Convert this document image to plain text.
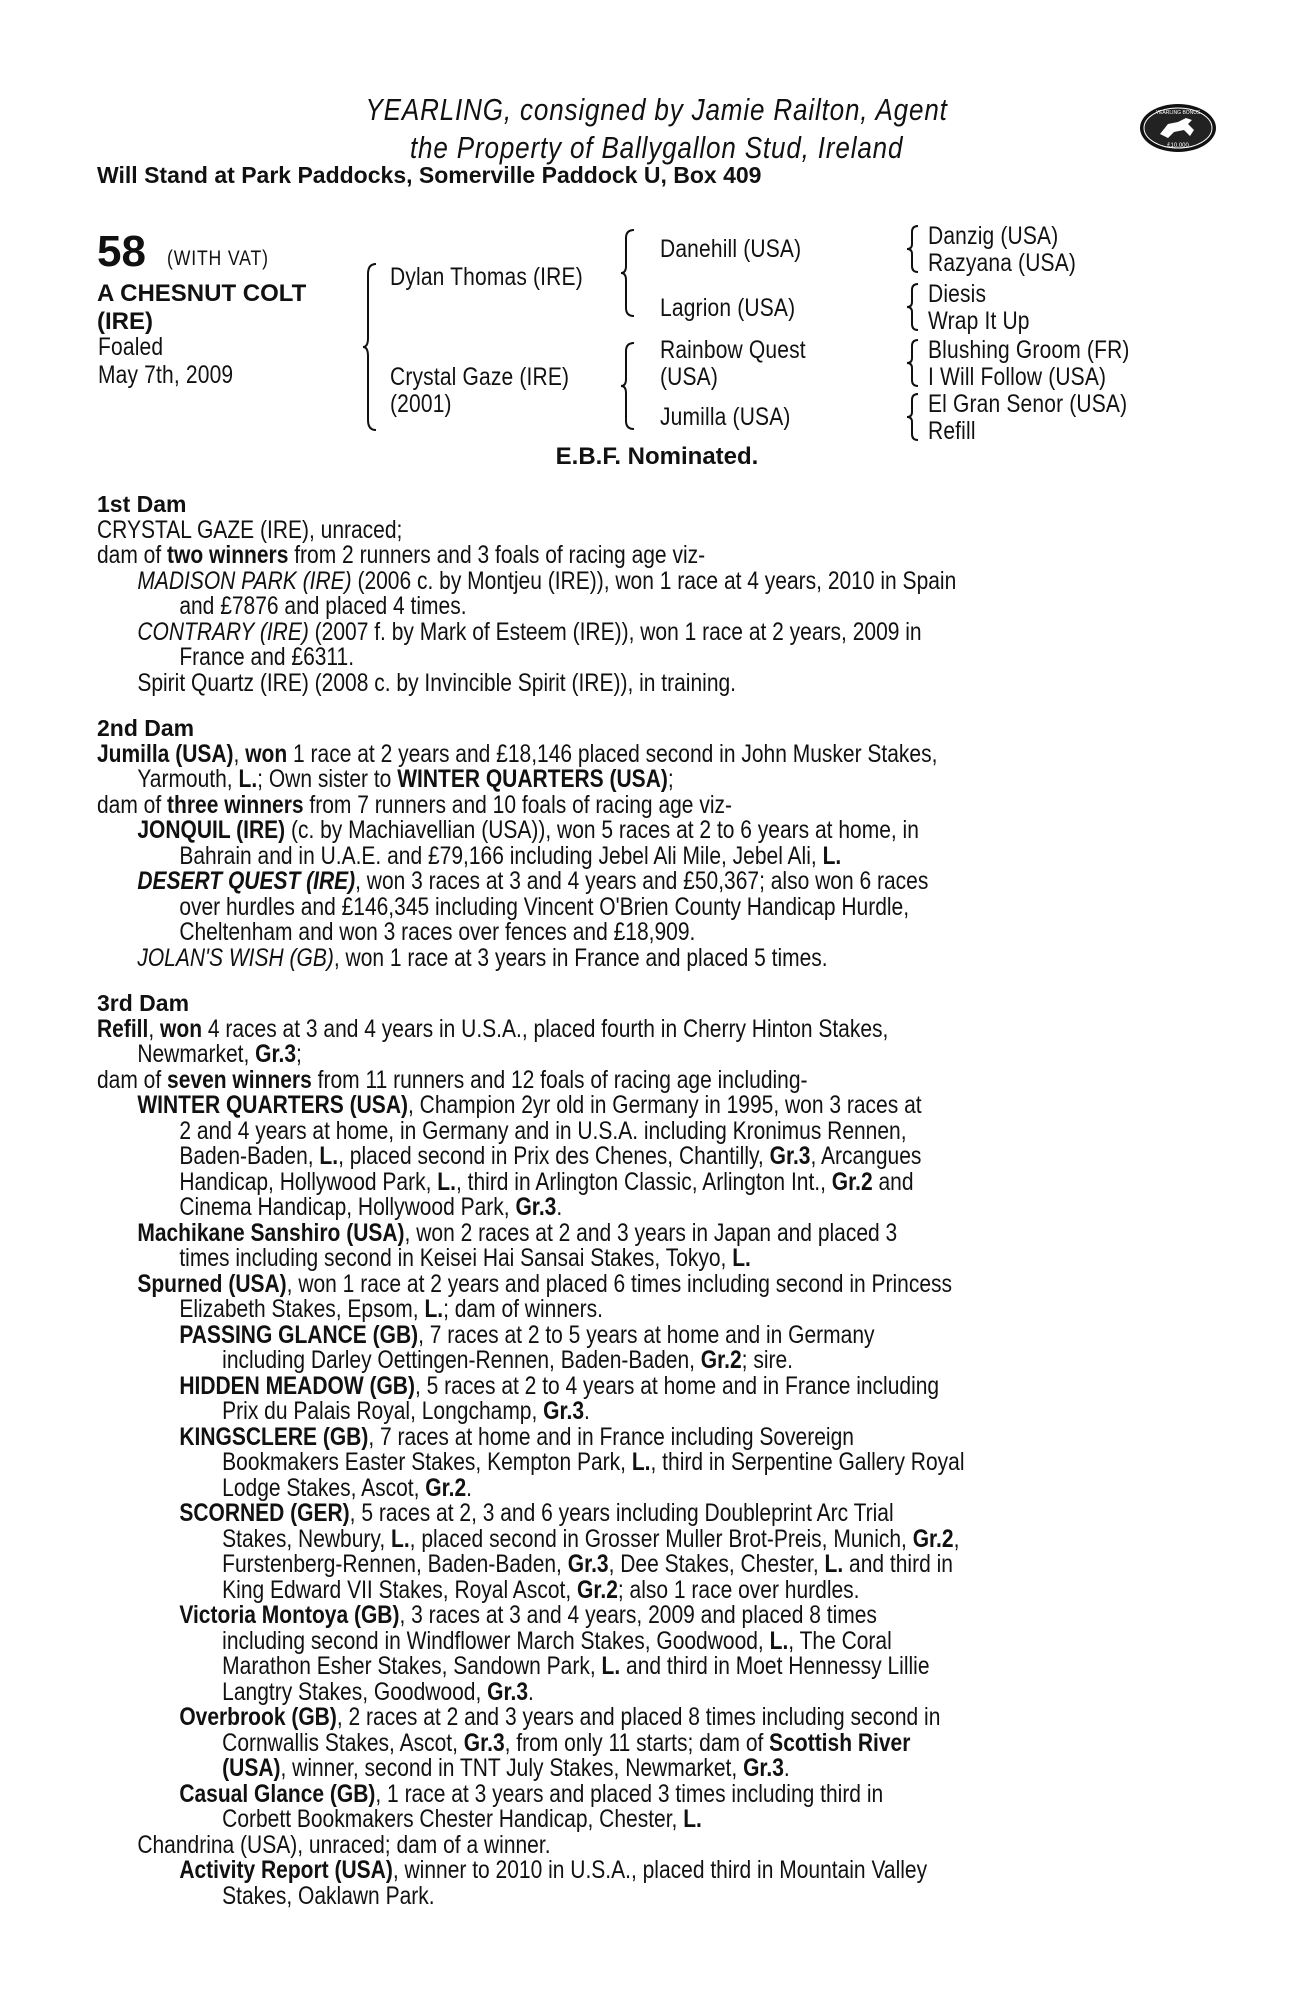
YEARLING, consigned by Jamie Railton, Agent
the Property of Ballygallon Stud, Ireland
Will Stand at Park Paddocks, Somerville Paddock U, Box 409
YEARLING BONUS
£10,000
58 (WITH VAT)
A CHESNUT COLT
(IRE)
Foaled
May 7th, 2009
Dylan Thomas (IRE)
Crystal Gaze (IRE)
(2001)
Danehill (USA)
Lagrion (USA)
Rainbow Quest
(USA)
Jumilla (USA)
Danzig (USA)
Razyana (USA)
Diesis
Wrap It Up
Blushing Groom (FR)
I Will Follow (USA)
El Gran Senor (USA)
Refill
E.B.F. Nominated.
1st Dam
CRYSTAL GAZE (IRE), unraced;
dam of two winners from 2 runners and 3 foals of racing age viz-
MADISON PARK (IRE) (2006 c. by Montjeu (IRE)), won 1 race at 4 years, 2010 in Spain
and £7876 and placed 4 times.
CONTRARY (IRE) (2007 f. by Mark of Esteem (IRE)), won 1 race at 2 years, 2009 in
France and £6311.
Spirit Quartz (IRE) (2008 c. by Invincible Spirit (IRE)), in training.
2nd Dam
Jumilla (USA), won 1 race at 2 years and £18,146 placed second in John Musker Stakes,
Yarmouth, L.; Own sister to WINTER QUARTERS (USA);
dam of three winners from 7 runners and 10 foals of racing age viz-
JONQUIL (IRE) (c. by Machiavellian (USA)), won 5 races at 2 to 6 years at home, in
Bahrain and in U.A.E. and £79,166 including Jebel Ali Mile, Jebel Ali, L.
DESERT QUEST (IRE), won 3 races at 3 and 4 years and £50,367; also won 6 races
over hurdles and £146,345 including Vincent O'Brien County Handicap Hurdle,
Cheltenham and won 3 races over fences and £18,909.
JOLAN'S WISH (GB), won 1 race at 3 years in France and placed 5 times.
3rd Dam
Refill, won 4 races at 3 and 4 years in U.S.A., placed fourth in Cherry Hinton Stakes,
Newmarket, Gr.3;
dam of seven winners from 11 runners and 12 foals of racing age including-
WINTER QUARTERS (USA), Champion 2yr old in Germany in 1995, won 3 races at
2 and 4 years at home, in Germany and in U.S.A. including Kronimus Rennen,
Baden-Baden, L., placed second in Prix des Chenes, Chantilly, Gr.3, Arcangues
Handicap, Hollywood Park, L., third in Arlington Classic, Arlington Int., Gr.2 and
Cinema Handicap, Hollywood Park, Gr.3.
Machikane Sanshiro (USA), won 2 races at 2 and 3 years in Japan and placed 3
times including second in Keisei Hai Sansai Stakes, Tokyo, L.
Spurned (USA), won 1 race at 2 years and placed 6 times including second in Princess
Elizabeth Stakes, Epsom, L.; dam of winners.
PASSING GLANCE (GB), 7 races at 2 to 5 years at home and in Germany
including Darley Oettingen-Rennen, Baden-Baden, Gr.2; sire.
HIDDEN MEADOW (GB), 5 races at 2 to 4 years at home and in France including
Prix du Palais Royal, Longchamp, Gr.3.
KINGSCLERE (GB), 7 races at home and in France including Sovereign
Bookmakers Easter Stakes, Kempton Park, L., third in Serpentine Gallery Royal
Lodge Stakes, Ascot, Gr.2.
SCORNED (GER), 5 races at 2, 3 and 6 years including Doubleprint Arc Trial
Stakes, Newbury, L., placed second in Grosser Muller Brot-Preis, Munich, Gr.2,
Furstenberg-Rennen, Baden-Baden, Gr.3, Dee Stakes, Chester, L. and third in
King Edward VII Stakes, Royal Ascot, Gr.2; also 1 race over hurdles.
Victoria Montoya (GB), 3 races at 3 and 4 years, 2009 and placed 8 times
including second in Windflower March Stakes, Goodwood, L., The Coral
Marathon Esher Stakes, Sandown Park, L. and third in Moet Hennessy Lillie
Langtry Stakes, Goodwood, Gr.3.
Overbrook (GB), 2 races at 2 and 3 years and placed 8 times including second in
Cornwallis Stakes, Ascot, Gr.3, from only 11 starts; dam of Scottish River
(USA), winner, second in TNT July Stakes, Newmarket, Gr.3.
Casual Glance (GB), 1 race at 3 years and placed 3 times including third in
Corbett Bookmakers Chester Handicap, Chester, L.
Chandrina (USA), unraced; dam of a winner.
Activity Report (USA), winner to 2010 in U.S.A., placed third in Mountain Valley
Stakes, Oaklawn Park.
